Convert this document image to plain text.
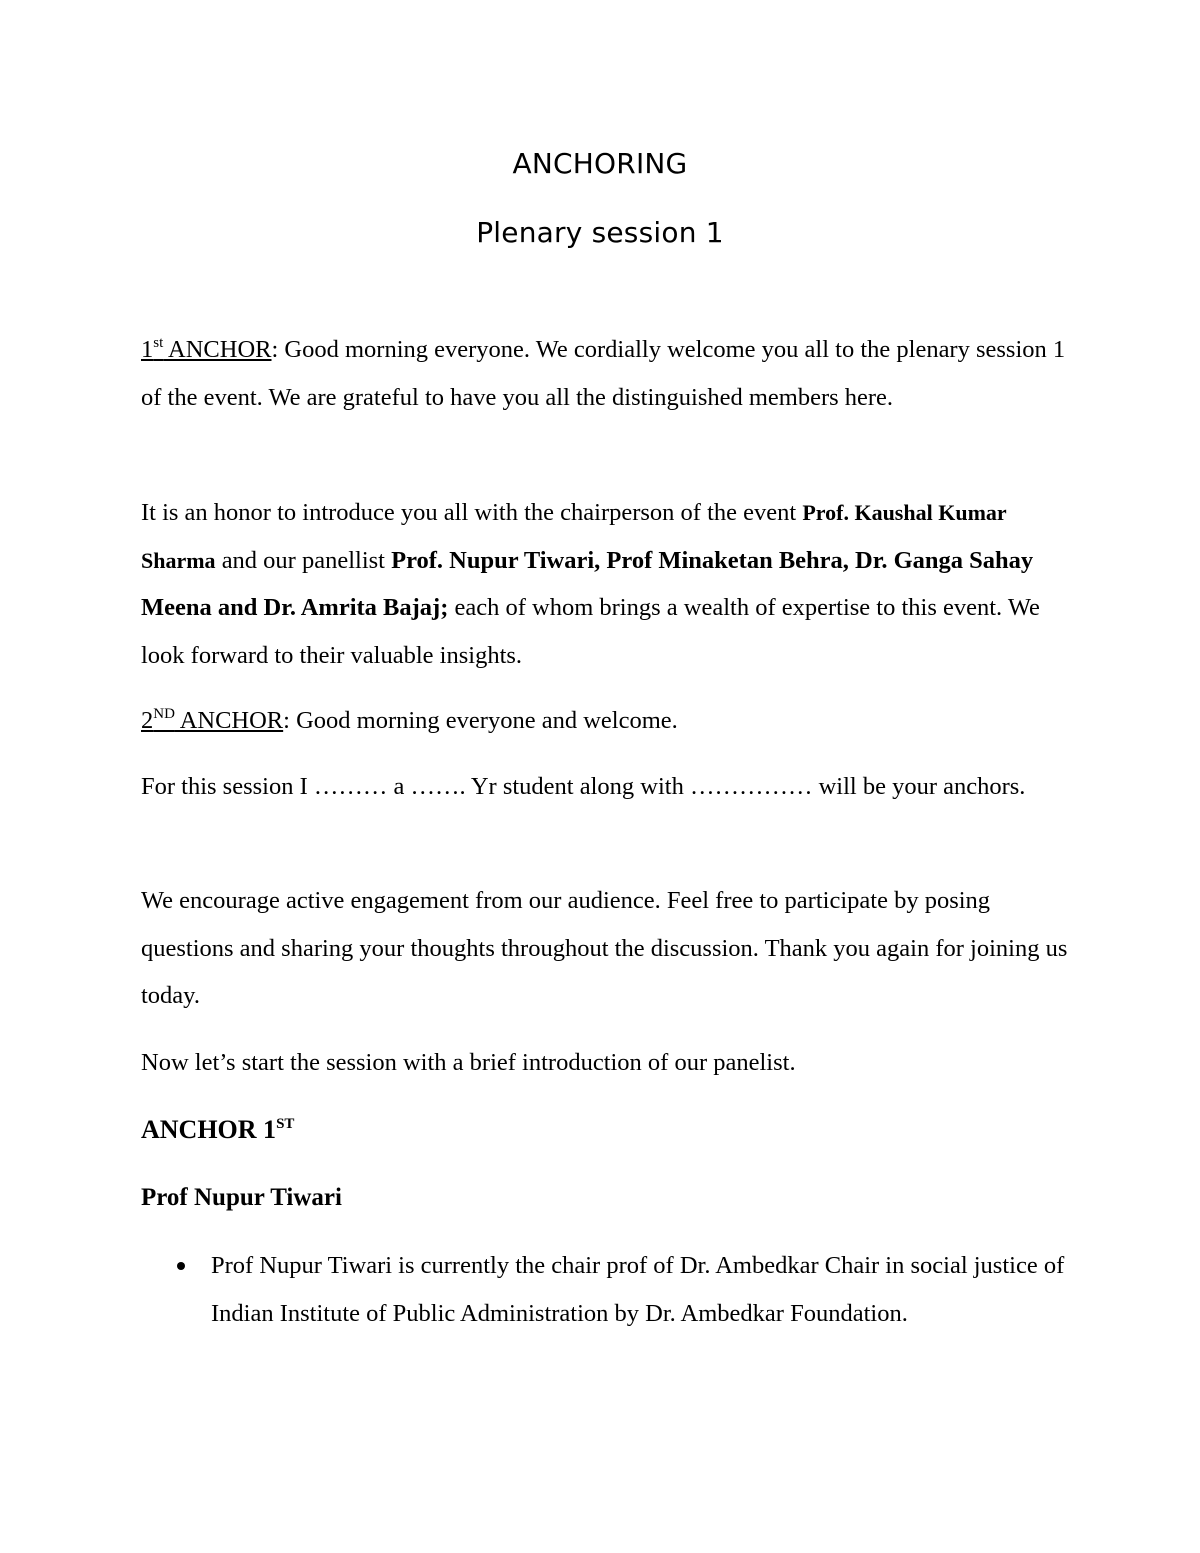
ANCHORING
Plenary session 1

1st ANCHOR: Good morning everyone. We cordially welcome you all to the plenary session 1 of the event. We are grateful to have you all the distinguished members here.

It is an honor to introduce you all with the chairperson of the event Prof. Kaushal Kumar Sharma and our panellist Prof. Nupur Tiwari, Prof Minaketan Behra, Dr. Ganga Sahay Meena and Dr. Amrita Bajaj; each of whom brings a wealth of expertise to this event. We look forward to their valuable insights.

2ND ANCHOR: Good morning everyone and welcome.

For this session I ……… a ……. Yr student along with …………… will be your anchors.

We encourage active engagement from our audience. Feel free to participate by posing questions and sharing your thoughts throughout the discussion. Thank you again for joining us today.

Now let’s start the session with a brief introduction of our panelist.

ANCHOR 1ST

Prof Nupur Tiwari

Prof Nupur Tiwari is currently the chair prof of Dr. Ambedkar Chair in social justice of Indian Institute of Public Administration by Dr. Ambedkar Foundation.
